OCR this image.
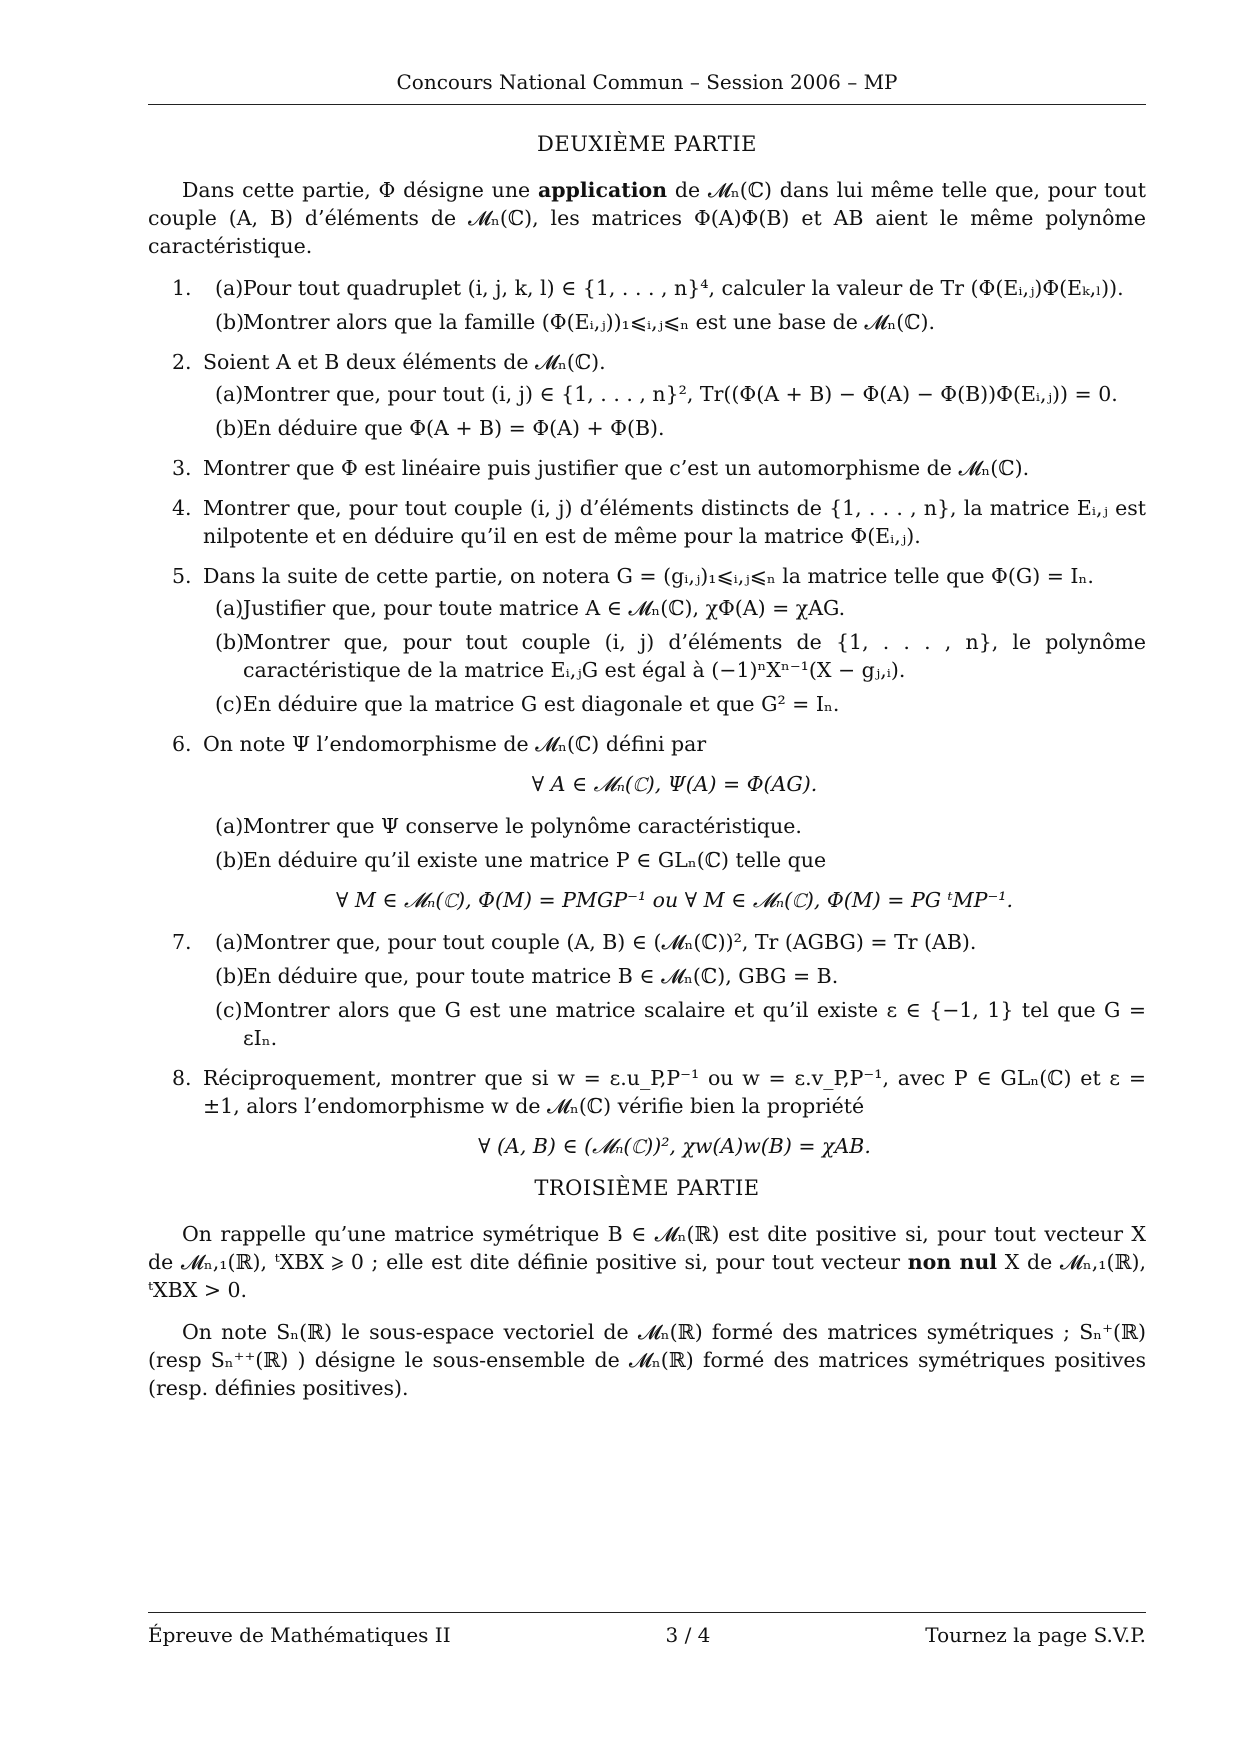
Concours National Commun – Session 2006 – MP
DEUXIÈME PARTIE

Dans cette partie, Φ désigne une application de 𝓜ₙ(ℂ) dans lui même telle que, pour tout couple (A, B) d’éléments de 𝓜ₙ(ℂ), les matrices Φ(A)Φ(B) et AB aient le même polynôme caractéristique.

1. (a) Pour tout quadruplet (i, j, k, l) ∈ {1, . . . , n}⁴, calculer la valeur de Tr (Φ(Eᵢ,ⱼ)Φ(Eₖ,ₗ)).
(b)
Montrer alors que la famille (Φ(Eᵢ,ⱼ))₁⩽ᵢ,ⱼ⩽ₙ est une base de 𝓜ₙ(ℂ).
2. Soient A et B deux éléments de 𝓜ₙ(ℂ).
(a) Montrer que, pour tout (i, j) ∈ {1, . . . , n}², Tr((Φ(A + B) − Φ(A) − Φ(B))Φ(Eᵢ,ⱼ)) = 0.
(b)
En déduire que Φ(A + B) = Φ(A) + Φ(B).
3. Montrer que Φ est linéaire puis justifier que c’est un automorphisme de 𝓜ₙ(ℂ).
4. Montrer que, pour tout couple (i, j) d’éléments distincts de {1, . . . , n}, la matrice Eᵢ,ⱼ est nilpotente et en déduire qu’il en est de même pour la matrice Φ(Eᵢ,ⱼ).
5. Dans la suite de cette partie, on notera G = (gᵢ,ⱼ)₁⩽ᵢ,ⱼ⩽ₙ la matrice telle que Φ(G) = Iₙ.
(a) Justifier que, pour toute matrice A ∈ 𝓜ₙ(ℂ), χΦ(A) = χAG.
(b)
Montrer que, pour tout couple (i, j) d’éléments de {1, . . . , n}, le polynôme caractéristique de la matrice Eᵢ,ⱼG est égal à (−1)ⁿXⁿ⁻¹(X − gⱼ,ᵢ).
(c) En déduire que la matrice G est diagonale et que G² = Iₙ.
6. On note Ψ l’endomorphisme de 𝓜ₙ(ℂ) défini par
∀ A ∈ 𝓜ₙ(ℂ), Ψ(A) = Φ(AG).
(a) Montrer que Ψ conserve le polynôme caractéristique.
(b)
En déduire qu’il existe une matrice P ∈ GLₙ(ℂ) telle que
∀ M ∈ 𝓜ₙ(ℂ), Φ(M) = PMGP⁻¹ ou ∀ M ∈ 𝓜ₙ(ℂ), Φ(M) = PG ᵗMP⁻¹.
7. (a) Montrer que, pour tout couple (A, B) ∈ (𝓜ₙ(ℂ))², Tr (AGBG) = Tr (AB).
(b)
En déduire que, pour toute matrice B ∈ 𝓜ₙ(ℂ), GBG = B.
(c) Montrer alors que G est une matrice scalaire et qu’il existe ε ∈ {−1, 1} tel que G = εIₙ.
8. Réciproquement, montrer que si w = ε.u_P,P⁻¹ ou w = ε.v_P,P⁻¹, avec P ∈ GLₙ(ℂ) et ε = ±1, alors l’endomorphisme w de 𝓜ₙ(ℂ) vérifie bien la propriété
∀ (A, B) ∈ (𝓜ₙ(ℂ))², χw(A)w(B) = χAB.
TROISIÈME PARTIE

On rappelle qu’une matrice symétrique B ∈ 𝓜ₙ(ℝ) est dite positive si, pour tout vecteur X de 𝓜ₙ,₁(ℝ), ᵗXBX ⩾ 0 ; elle est dite définie positive si, pour tout vecteur non nul X de 𝓜ₙ,₁(ℝ), ᵗXBX > 0.

On note Sₙ(ℝ) le sous-espace vectoriel de 𝓜ₙ(ℝ) formé des matrices symétriques ; Sₙ⁺(ℝ) (resp Sₙ⁺⁺(ℝ) ) désigne le sous-ensemble de 𝓜ₙ(ℝ) formé des matrices symétriques positives (resp. définies positives).

Épreuve de Mathématiques II	3 / 4	Tournez la page S.V.P.
